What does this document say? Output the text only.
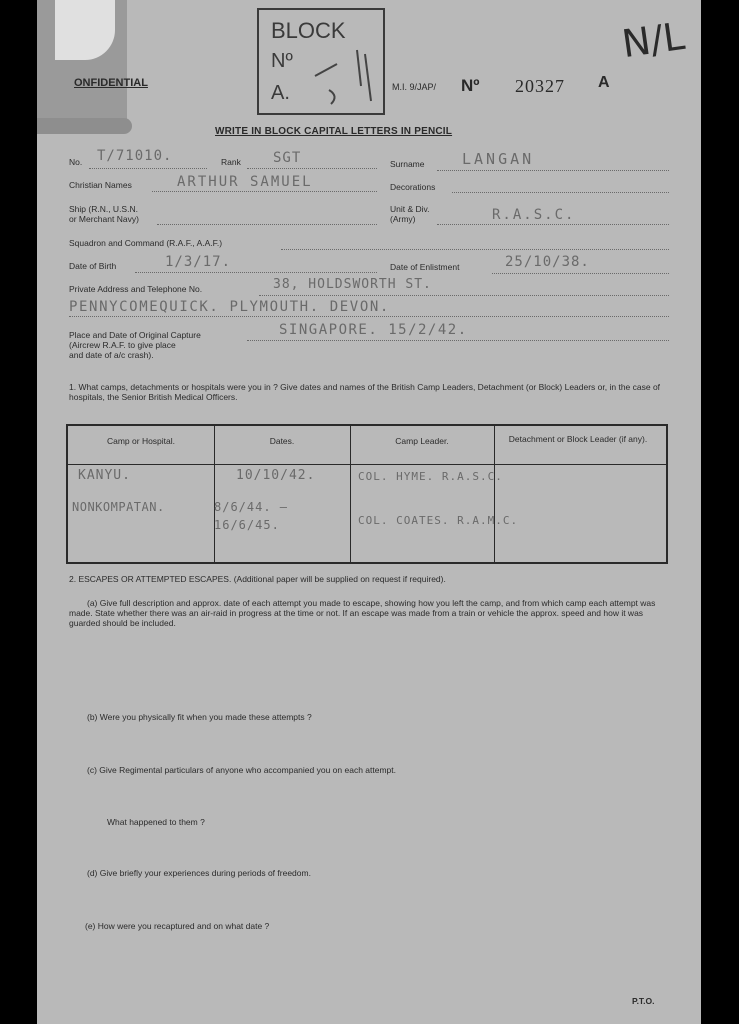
ONFIDENTIAL
BLOCK
Nº
A.	M.I. 9/JAP/ Nº 20327 A
N/L
WRITE IN BLOCK CAPITAL LETTERS IN PENCIL
No. T/71010.	Rank SGT	Surname	LANGAN
Christian Names	ARTHUR SAMUEL	Decorations
Ship (R.N., U.S.N.
or Merchant Navy)
Unit & Div.
(Army)	R.A.S.C.
Squadron and Command (R.A.F., A.A.F.)
Date of Birth	1/3/17.	Date of Enlistment	25/10/38.
Private Address and Telephone No.	38, HOLDSWORTH ST.
PENNYCOMEQUICK. PLYMOUTH. DEVON.
Place and Date of Original Capture
(Aircrew R.A.F. to give place
and date of a/c crash).
SINGAPORE. 15/2/42.
1. What camps, detachments or hospitals were you in ? Give dates and names of the British Camp Leaders, Detachment (or Block) Leaders or, in the case of hospitals, the Senior British Medical Officers.
Camp or Hospital.	Dates.	Camp Leader.	Detachment or Block Leader (if any).
KANYU.	10/10/42.	COL. HYME. R.A.S.C.
NONKOMPATAN.	8/6/44. – 16/6/45.	COL. COATES. R.A.M.C.
2. ESCAPES OR ATTEMPTED ESCAPES. (Additional paper will be supplied on request if required).
(a) Give full description and approx. date of each attempt you made to escape, showing how you left the camp, and from which camp each attempt was made. State whether there was an air-raid in progress at the time or not. If an escape was made from a train or vehicle the approx. speed and how it was guarded should be included.
(b) Were you physically fit when you made these attempts ?
(c) Give Regimental particulars of anyone who accompanied you on each attempt.
What happened to them ?
(d) Give briefly your experiences during periods of freedom.
(e) How were you recaptured and on what date ?
P.T.O.
